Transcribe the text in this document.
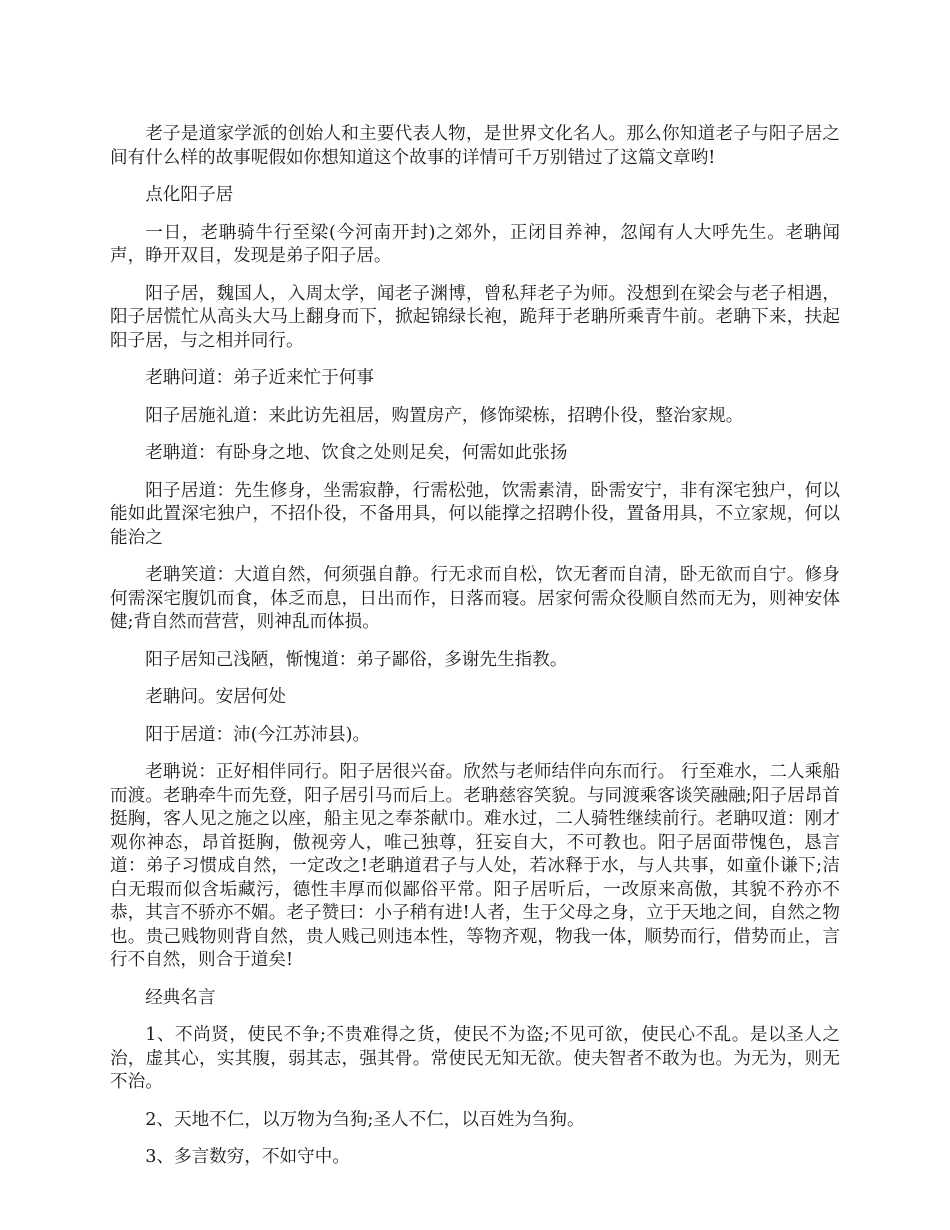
老子是道家学派的创始人和主要代表人物，是世界文化名人。那么你知道老子与阳子居之间有什么样的故事呢假如你想知道这个故事的详情可千万别错过了这篇文章哟!

点化阳子居

一日，老聃骑牛行至梁(今河南开封)之郊外，正闭目养神，忽闻有人大呼先生。老聃闻声，睁开双目，发现是弟子阳子居。

阳子居，魏国人，入周太学，闻老子渊博，曾私拜老子为师。没想到在梁会与老子相遇，阳子居慌忙从高头大马上翻身而下，掀起锦绿长袍，跪拜于老聃所乘青牛前。老聃下来，扶起阳子居，与之相并同行。

老聃问道：弟子近来忙于何事

阳子居施礼道：来此访先祖居，购置房产，修饰梁栋，招聘仆役，整治家规。

老聃道：有卧身之地、饮食之处则足矣，何需如此张扬

阳子居道：先生修身，坐需寂静，行需松弛，饮需素清，卧需安宁，非有深宅独户，何以能如此置深宅独户，不招仆役，不备用具，何以能撑之招聘仆役，置备用具，不立家规，何以能治之

老聃笑道：大道自然，何须强自静。行无求而自松，饮无奢而自清，卧无欲而自宁。修身何需深宅腹饥而食，体乏而息，日出而作，日落而寝。居家何需众役顺自然而无为，则神安体健;背自然而营营，则神乱而体损。

阳子居知己浅陋，惭愧道：弟子鄙俗，多谢先生指教。

老聃问。安居何处

阳于居道：沛(今江苏沛县)。

老聃说：正好相伴同行。阳子居很兴奋。欣然与老师结伴向东而行。 行至难水，二人乘船而渡。老聃牵牛而先登，阳子居引马而后上。老聃慈容笑貌。与同渡乘客谈笑融融;阳子居昂首挺胸，客人见之施之以座，船主见之奉茶献巾。难水过，二人骑牲继续前行。老聃叹道：刚才观你神态，昂首挺胸，傲视旁人，唯己独尊，狂妄自大，不可教也。阳子居面带愧色，恳言道：弟子习惯成自然，一定改之!老聃道君子与人处，若冰释于水，与人共事，如童仆谦下;洁白无瑕而似含垢藏污，德性丰厚而似鄙俗平常。阳子居听后，一改原来高傲，其貌不矜亦不恭，其言不骄亦不媚。老子赞曰：小子稍有进!人者，生于父母之身，立于天地之间，自然之物也。贵己贱物则背自然，贵人贱己则违本性，等物齐观，物我一体，顺势而行，借势而止，言行不自然，则合于道矣!

经典名言

1、不尚贤，使民不争;不贵难得之货，使民不为盗;不见可欲，使民心不乱。是以圣人之治，虚其心，实其腹，弱其志，强其骨。常使民无知无欲。使夫智者不敢为也。为无为，则无不治。

2、天地不仁，以万物为刍狗;圣人不仁，以百姓为刍狗。

3、多言数穷，不如守中。
